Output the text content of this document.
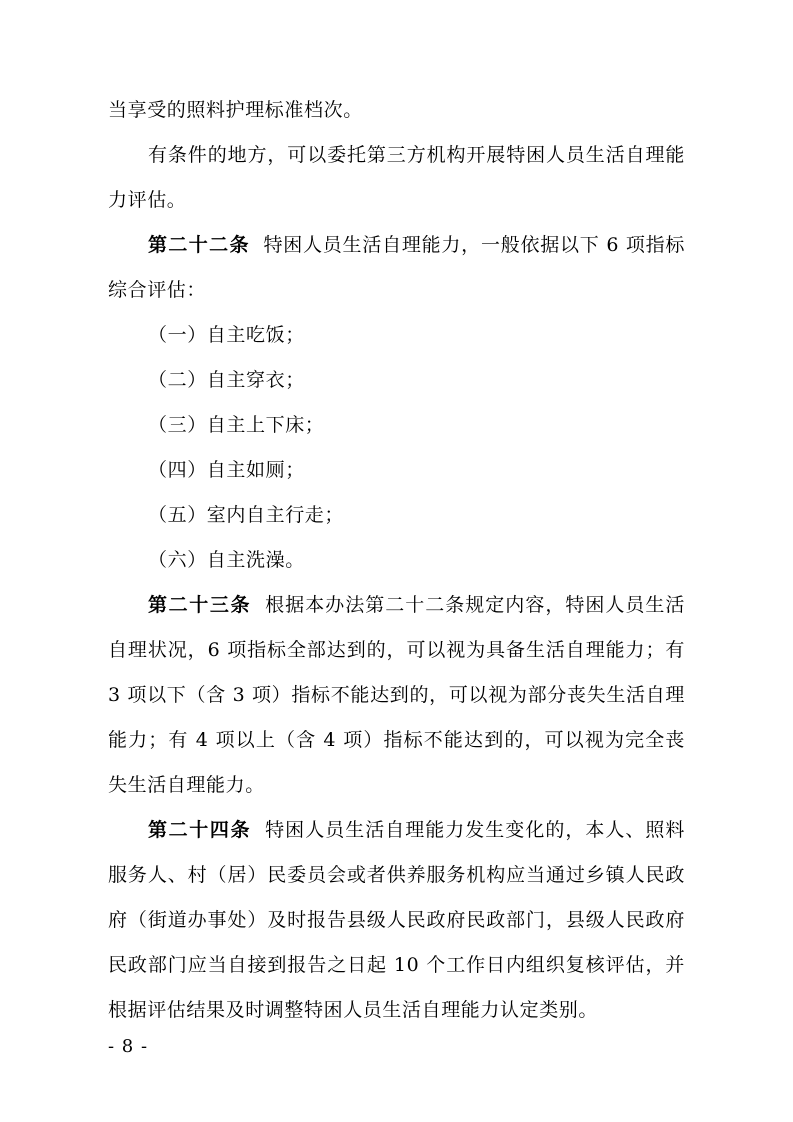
当享受的照料护理标准档次。

有条件的地方，可以委托第三方机构开展特困人员生活自理能力评估。

第二十二条 特困人员生活自理能力，一般依据以下 6 项指标综合评估：

（一）自主吃饭；

（二）自主穿衣；

（三）自主上下床；

（四）自主如厕；

（五）室内自主行走；

（六）自主洗澡。

第二十三条 根据本办法第二十二条规定内容，特困人员生活自理状况，6 项指标全部达到的，可以视为具备生活自理能力；有 3 项以下（含 3 项）指标不能达到的，可以视为部分丧失生活自理能力；有 4 项以上（含 4 项）指标不能达到的，可以视为完全丧失生活自理能力。

第二十四条 特困人员生活自理能力发生变化的，本人、照料服务人、村（居）民委员会或者供养服务机构应当通过乡镇人民政府（街道办事处）及时报告县级人民政府民政部门，县级人民政府民政部门应当自接到报告之日起 10 个工作日内组织复核评估，并根据评估结果及时调整特困人员生活自理能力认定类别。

- 8 -
